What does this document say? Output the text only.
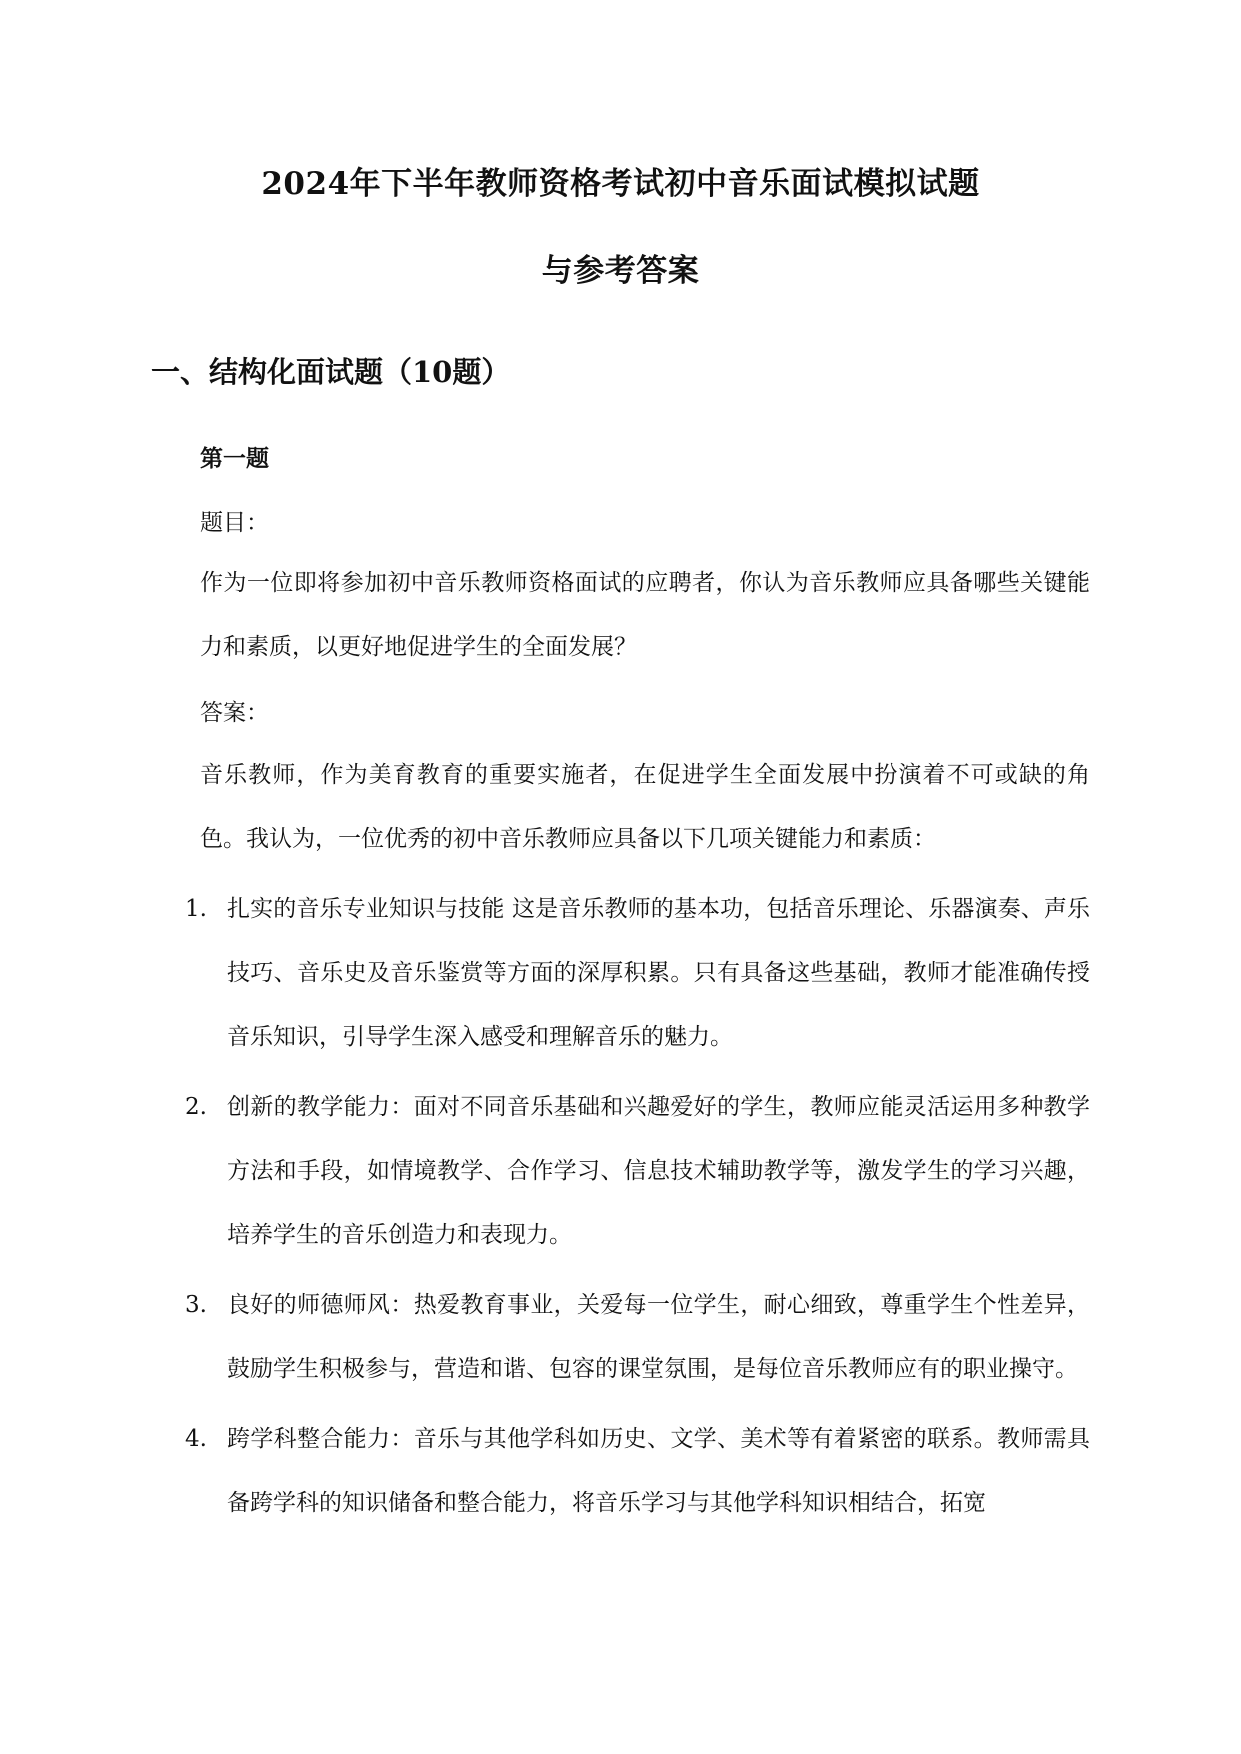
2024年下半年教师资格考试初中音乐面试模拟试题
与参考答案
一、结构化面试题（10题）
第一题
题目：

作为一位即将参加初中音乐教师资格面试的应聘者，你认为音乐教师应具备哪些关键能力和素质，以更好地促进学生的全面发展？

答案：

音乐教师，作为美育教育的重要实施者，在促进学生全面发展中扮演着不可或缺的角色。我认为，一位优秀的初中音乐教师应具备以下几项关键能力和素质：

1. 扎实的音乐专业知识与技能 这是音乐教师的基本功，包括音乐理论、乐器演奏、声乐技巧、音乐史及音乐鉴赏等方面的深厚积累。只有具备这些基础，教师才能准确传授音乐知识，引导学生深入感受和理解音乐的魅力。
2. 创新的教学能力：面对不同音乐基础和兴趣爱好的学生，教师应能灵活运用多种教学方法和手段，如情境教学、合作学习、信息技术辅助教学等，激发学生的学习兴趣，培养学生的音乐创造力和表现力。
3. 良好的师德师风：热爱教育事业，关爱每一位学生，耐心细致，尊重学生个性差异，鼓励学生积极参与，营造和谐、包容的课堂氛围，是每位音乐教师应有的职业操守。
4. 跨学科整合能力：音乐与其他学科如历史、文学、美术等有着紧密的联系。教师需具备跨学科的知识储备和整合能力，将音乐学习与其他学科知识相结合，拓宽
